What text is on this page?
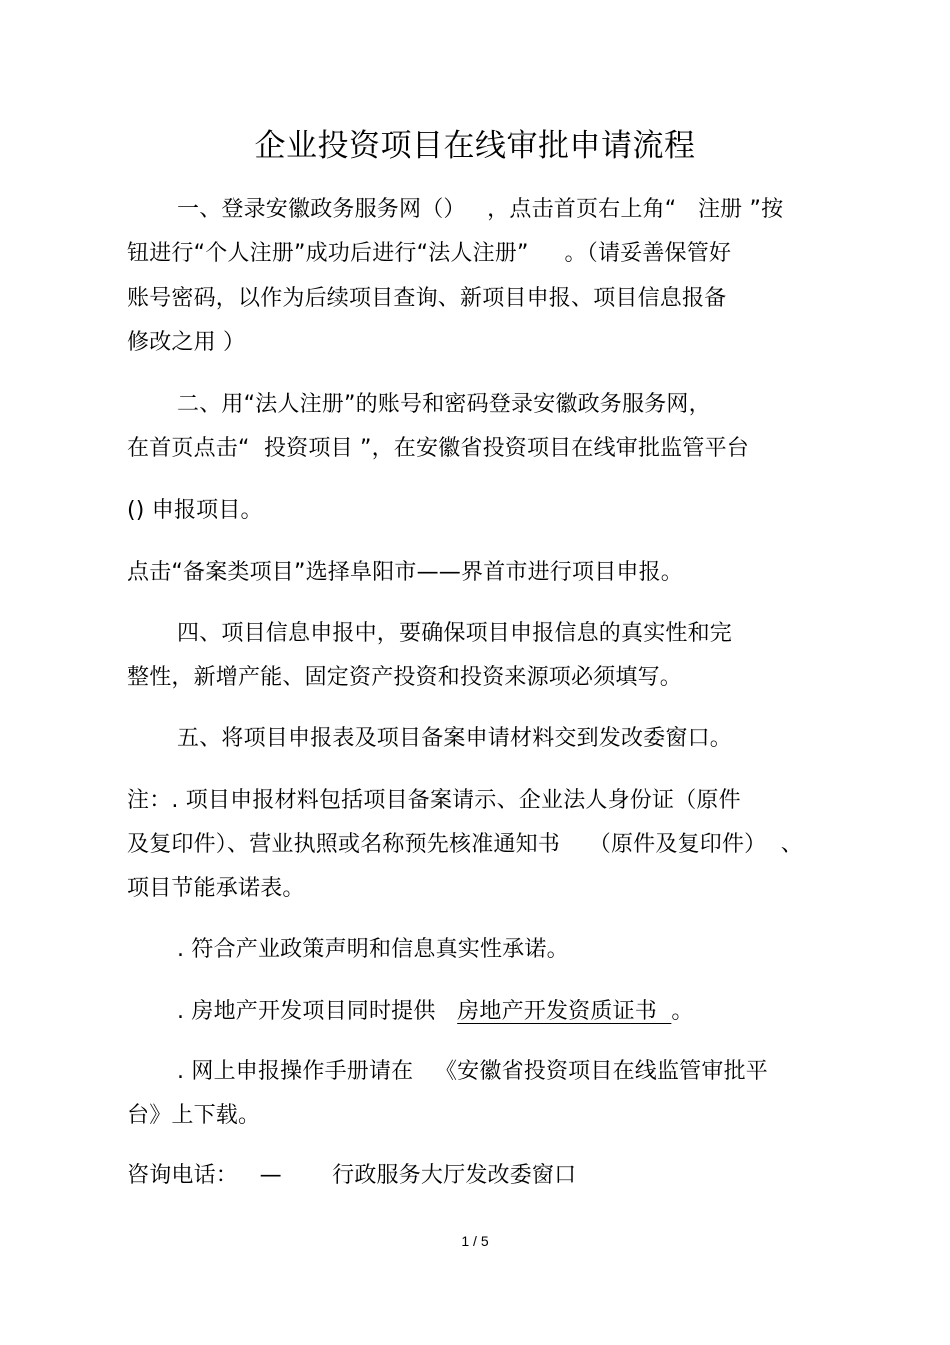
企业投资项目在线审批申请流程
一、登录安徽政务服务网（）   ，点击首页右上角“   注册 ”按
钮进行“个人注册”成功后进行“法人注册”     。（请妥善保管好
账号密码，以作为后续项目查询、新项目申报、项目信息报备
修改之用 ）
二、用“法人注册”的账号和密码登录安徽政务服务网，
在首页点击“  投资项目 ”，在安徽省投资项目在线审批监管平台
() 申报项目。
点击“备案类项目”选择阜阳市——界首市进行项目申报。
四、项目信息申报中，要确保项目申报信息的真实性和完
整性，新增产能、固定资产投资和投资来源项必须填写。
五、将项目申报表及项目备案申请材料交到发改委窗口。
注：. 项目申报材料包括项目备案请示、企业法人身份证（原件
及复印件）、营业执照或名称预先核准通知书    （原件及复印件）  、
项目节能承诺表。
. 符合产业政策声明和信息真实性承诺。
. 房地产开发项目同时提供   房地产开发资质证书  。
. 网上申报操作手册请在   《安徽省投资项目在线监管审批平
台》上下载。
咨询电话：   —       行政服务大厅发改委窗口
1 / 5
